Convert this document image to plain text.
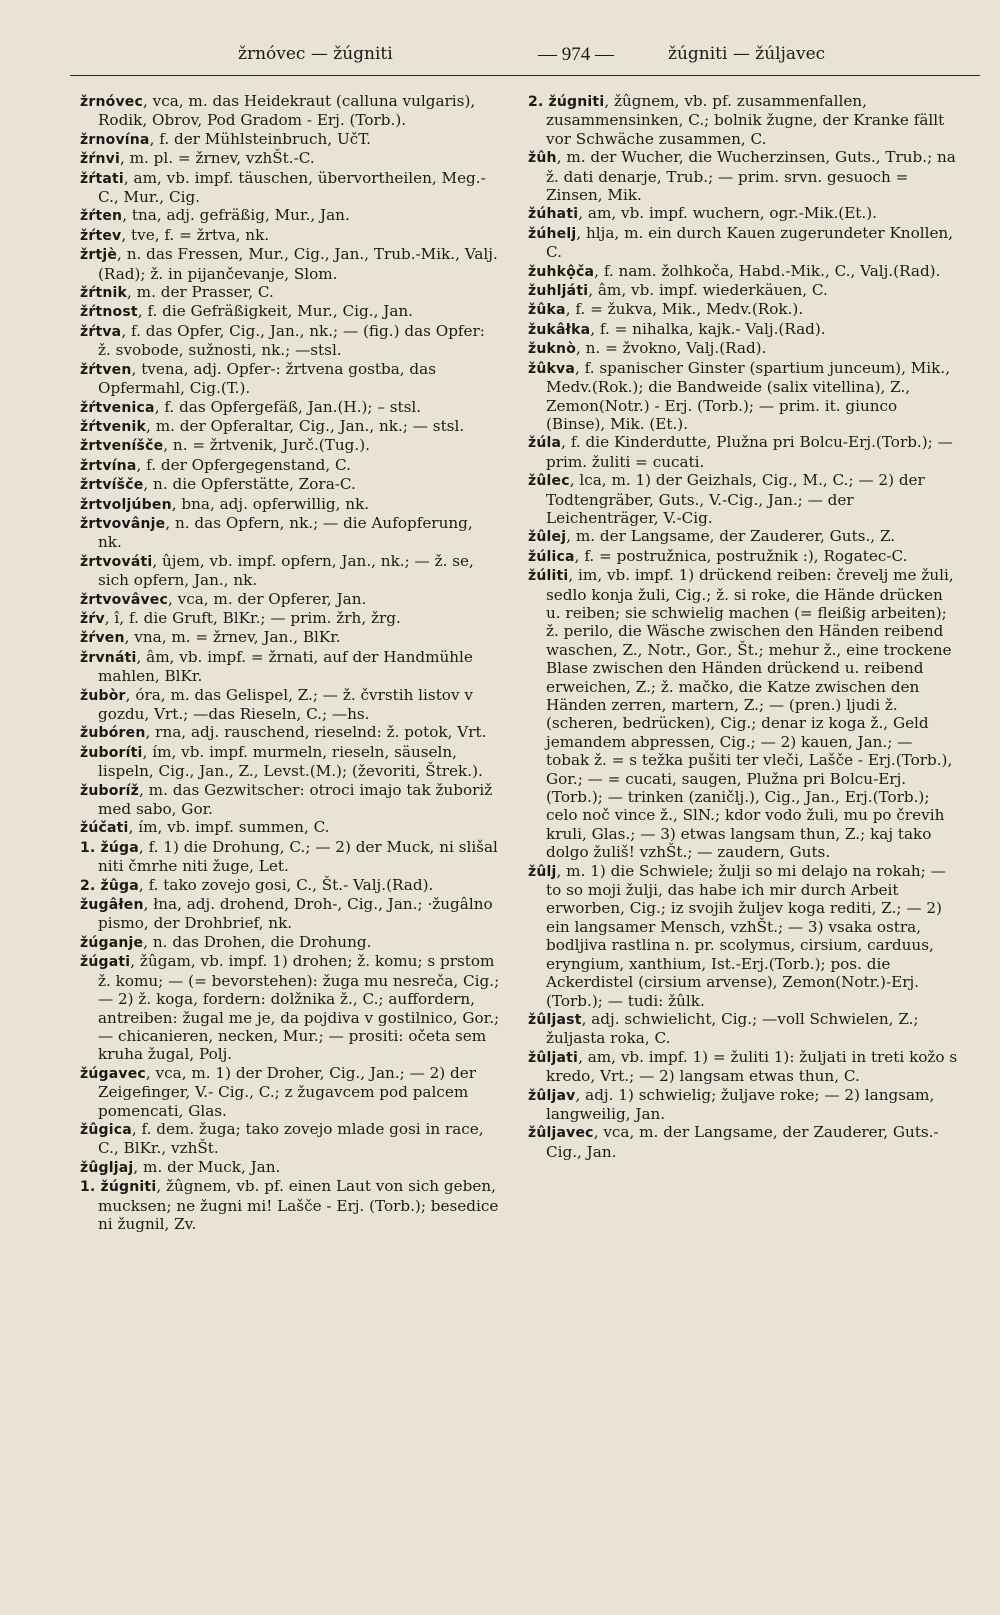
žrnóvec — žúgniti	— 974 —	žúgniti — žúljavec

žrnóvec, vca, m. das Heidekraut (calluna vulgaris), Rodik, Obrov, Pod Gradom - Erj. (Torb.).

žrnovína, f. der Mühlsteinbruch, UčT.

žŕnvi, m. pl. = žrnev, vzhŠt.-C.

žŕtati, am, vb. impf. täuschen, übervortheilen, Meg.-C., Mur., Cig.

žŕten, tna, adj. gefräßig, Mur., Jan.

žŕtev, tve, f. = žrtva, nk.

žrtjè, n. das Fressen, Mur., Cig., Jan., Trub.-Mik., Valj.(Rad); ž. in pijančevanje, Slom.

žŕtnik, m. der Prasser, C.

žŕtnost, f. die Gefräßigkeit, Mur., Cig., Jan.

žŕtva, f. das Opfer, Cig., Jan., nk.; — (fig.) das Opfer: ž. svobode, sužnosti, nk.; —stsl.

žŕtven, tvena, adj. Opfer-: žrtvena gostba, das Opfermahl, Cig.(T.).

žŕtvenica, f. das Opfergefäß, Jan.(H.); – stsl.

žŕtvenik, m. der Opferaltar, Cig., Jan., nk.; — stsl.

žrtveníšče, n. = žrtvenik, Jurč.(Tug.).

žrtvína, f. der Opfergegenstand, C.

žrtvíšče, n. die Opferstätte, Zora-C.

žrtvoljúben, bna, adj. opferwillig, nk.

žrtvovânje, n. das Opfern, nk.; — die Aufopferung, nk.

žrtvováti, ûjem, vb. impf. opfern, Jan., nk.; — ž. se, sich opfern, Jan., nk.

žrtvovâvec, vca, m. der Opferer, Jan.

žŕv, î, f. die Gruft, BlKr.; — prim. žrh, žrg.

žŕven, vna, m. = žrnev, Jan., BlKr.

žrvnáti, âm, vb. impf. = žrnati, auf der Handmühle mahlen, BlKr.

žubòr, óra, m. das Gelispel, Z.; — ž. čvrstih listov v gozdu, Vrt.; —das Rieseln, C.; —hs.

žubóren, rna, adj. rauschend, rieselnd: ž. potok, Vrt.

žuboríti, ím, vb. impf. murmeln, rieseln, säuseln, lispeln, Cig., Jan., Z., Levst.(M.); (ževoriti, Štrek.).

žuboríž, m. das Gezwitscher: otroci imajo tak žuboriž med sabo, Gor.

žúčati, ím, vb. impf. summen, C.

1. žúga, f. 1) die Drohung, C.; — 2) der Muck, ni slišal niti čmrhe niti žuge, Let.

2. žûga, f. tako zovejo gosi, C., Št.- Valj.(Rad).

žugâłen, łna, adj. drohend, Droh-, Cig., Jan.; ·žugâlno pismo, der Drohbrief, nk.

žúganje, n. das Drohen, die Drohung.

žúgati, žûgam, vb. impf. 1) drohen; ž. komu; s prstom ž. komu; — (= bevorstehen): žuga mu nesreča, Cig.; — 2) ž. koga, fordern: dolžnika ž., C.; auffordern, antreiben: žugal me je, da pojdiva v gostilnico, Gor.; — chicanieren, necken, Mur.; — prositi: očeta sem kruha žugal, Polj.

žúgavec, vca, m. 1) der Droher, Cig., Jan.; — 2) der Zeigefinger, V.- Cig., C.; z žugavcem pod palcem pomencati, Glas.

žûgica, f. dem. žuga; tako zovejo mlade gosi in race, C., BlKr., vzhŠt.

žûgljaj, m. der Muck, Jan.

1. žúgniti, žûgnem, vb. pf. einen Laut von sich geben, mucksen; ne žugni mi! Lašče - Erj. (Torb.); besedice ni žugnil, Zv.

2. žúgniti, žûgnem, vb. pf. zusammenfallen, zusammensinken, C.; bolnik žugne, der Kranke fällt vor Schwäche zusammen, C.

žûh, m. der Wucher, die Wucherzinsen, Guts., Trub.; na ž. dati denarje, Trub.; — prim. srvn. gesuoch = Zinsen, Mik.

žúhati, am, vb. impf. wuchern, ogr.-Mik.(Et.).

žúhelj, hlja, m. ein durch Kauen zugerundeter Knollen, C.

žuhkộča, f. nam. žolhkoča, Habd.-Mik., C., Valj.(Rad).

žuhljáti, âm, vb. impf. wiederkäuen, C.

žûka, f. = žukva, Mik., Medv.(Rok.).

žukâłka, f. = nihalka, kajk.- Valj.(Rad).

žuknò, n. = žvokno, Valj.(Rad).

žûkva, f. spanischer Ginster (spartium junceum), Mik., Medv.(Rok.); die Bandweide (salix vitellina), Z., Zemon(Notr.) - Erj. (Torb.); — prim. it. giunco (Binse), Mik. (Et.).

žúla, f. die Kinderdutte, Plužna pri Bolcu-Erj.(Torb.); — prim. žuliti = cucati.

žûlec, lca, m. 1) der Geizhals, Cig., M., C.; — 2) der Todtengräber, Guts., V.-Cig., Jan.; — der Leichenträger, V.-Cig.

žûlej, m. der Langsame, der Zauderer, Guts., Z.

žúlica, f. = postružnica, postružnik :), Rogatec-C.

žúliti, im, vb. impf. 1) drückend reiben: črevelj me žuli, sedlo konja žuli, Cig.; ž. si roke, die Hände drücken u. reiben; sie schwielig machen (= fleißig arbeiten); ž. perilo, die Wäsche zwischen den Händen reibend waschen, Z., Notr., Gor., Št.; mehur ž., eine trockene Blase zwischen den Händen drückend u. reibend erweichen, Z.; ž. mačko, die Katze zwischen den Händen zerren, martern, Z.; — (pren.) ljudi ž. (scheren, bedrücken), Cig.; denar iz koga ž., Geld jemandem abpressen, Cig.; — 2) kauen, Jan.; — tobak ž. = s težka pušiti ter vleči, Lašče - Erj.(Torb.), Gor.; — = cucati, saugen, Plužna pri Bolcu-Erj.(Torb.); — trinken (zaničlj.), Cig., Jan., Erj.(Torb.); celo noč vince ž., SlN.; kdor vodo žuli, mu po črevih kruli, Glas.; — 3) etwas langsam thun, Z.; kaj tako dolgo žuliš! vzhŠt.; — zaudern, Guts.

žûlj, m. 1) die Schwiele; žulji so mi delajo na rokah; — to so moji žulji, das habe ich mir durch Arbeit erworben, Cig.; iz svojih žuljev koga rediti, Z.; — 2) ein langsamer Mensch, vzhŠt.; — 3) vsaka ostra, bodljiva rastlina n. pr. scolymus, cirsium, carduus, eryngium, xanthium, Ist.-Erj.(Torb.); pos. die Ackerdistel (cirsium arvense), Zemon(Notr.)-Erj.(Torb.); — tudi: žûlk.

žûljast, adj. schwielicht, Cig.; —voll Schwielen, Z.; žuljasta roka, C.

žûljati, am, vb. impf. 1) = žuliti 1): žuljati in treti kožo s kredo, Vrt.; — 2) langsam etwas thun, C.

žûljav, adj. 1) schwielig; žuljave roke; — 2) langsam, langweilig, Jan.

žûljavec, vca, m. der Langsame, der Zauderer, Guts.-Cig., Jan.
